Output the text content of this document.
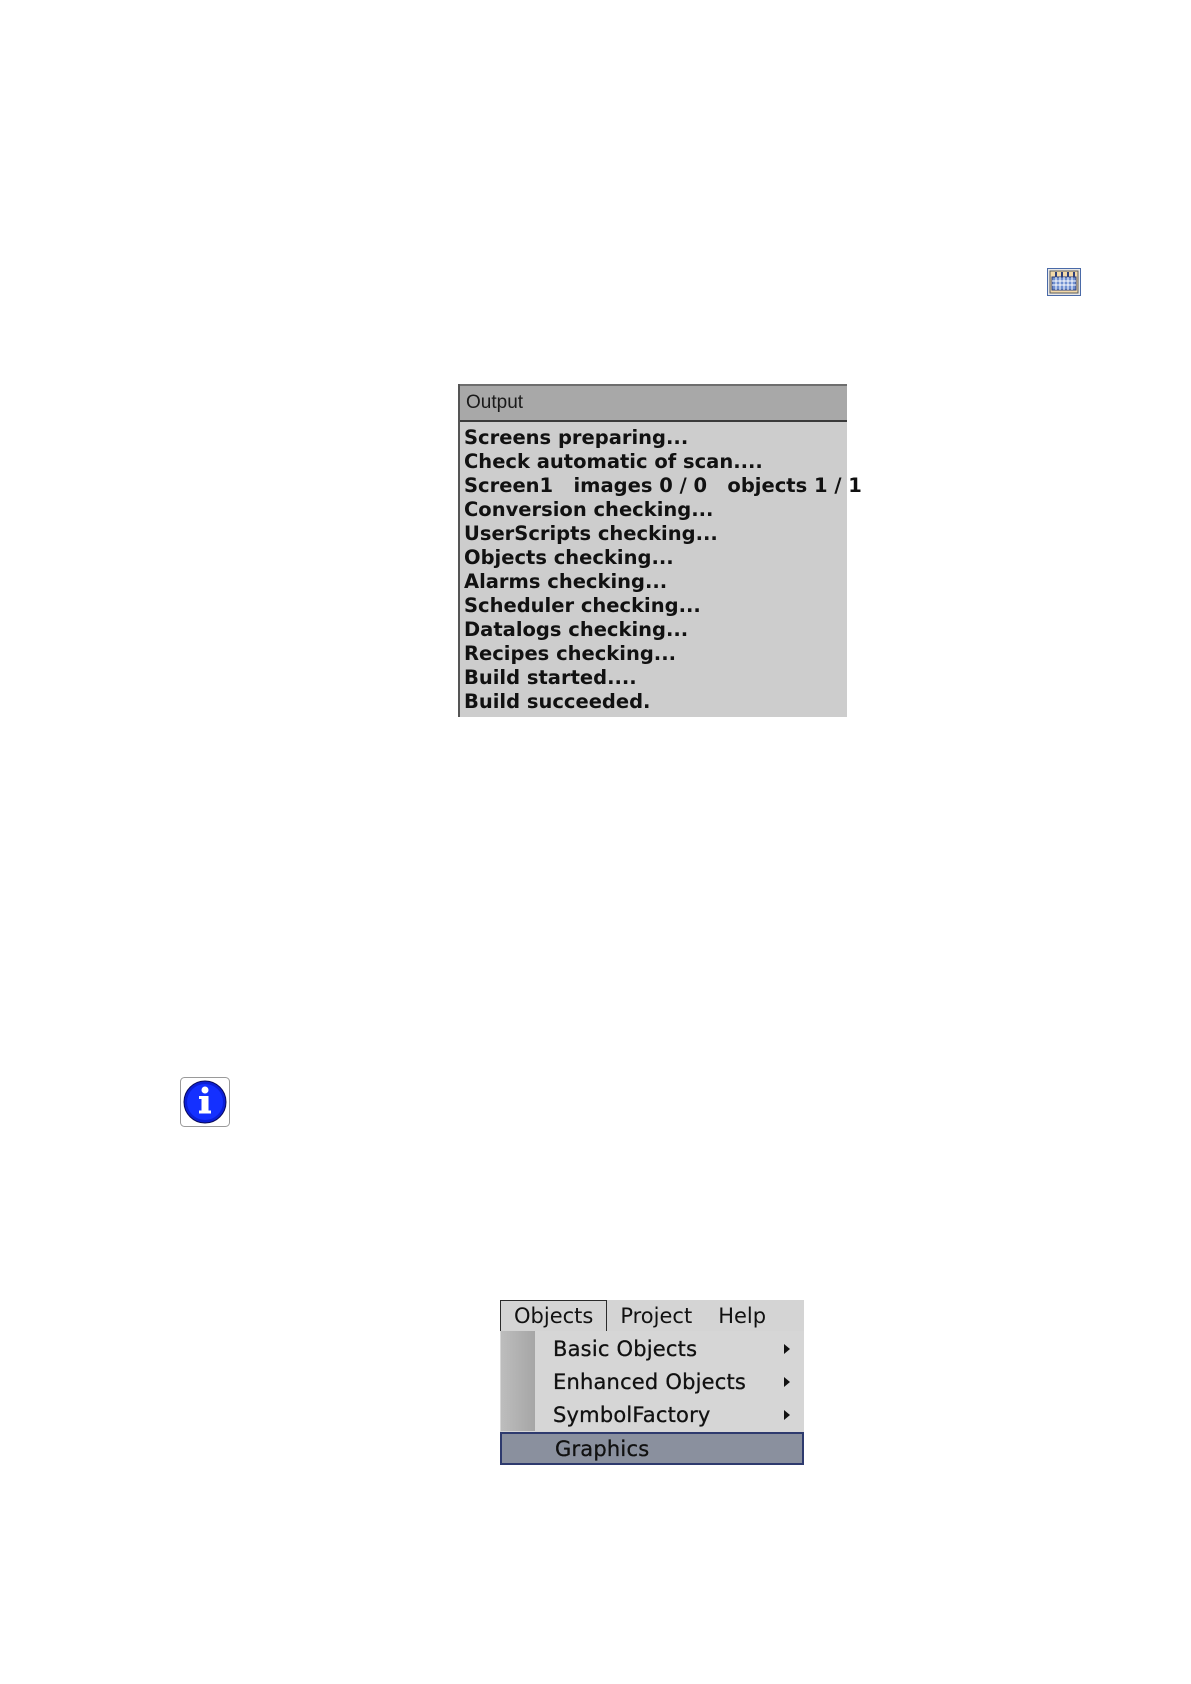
Output
Screens preparing...
Check automatic of scan....
Screen1   images 0 / 0   objects 1 / 1
Conversion checking...
UserScripts checking...
Objects checking...
Alarms checking...
Scheduler checking...
Datalogs checking...
Recipes checking...
Build started....
Build succeeded.
Objects	Project	Help
Basic Objects
Enhanced Objects
SymbolFactory
Graphics
